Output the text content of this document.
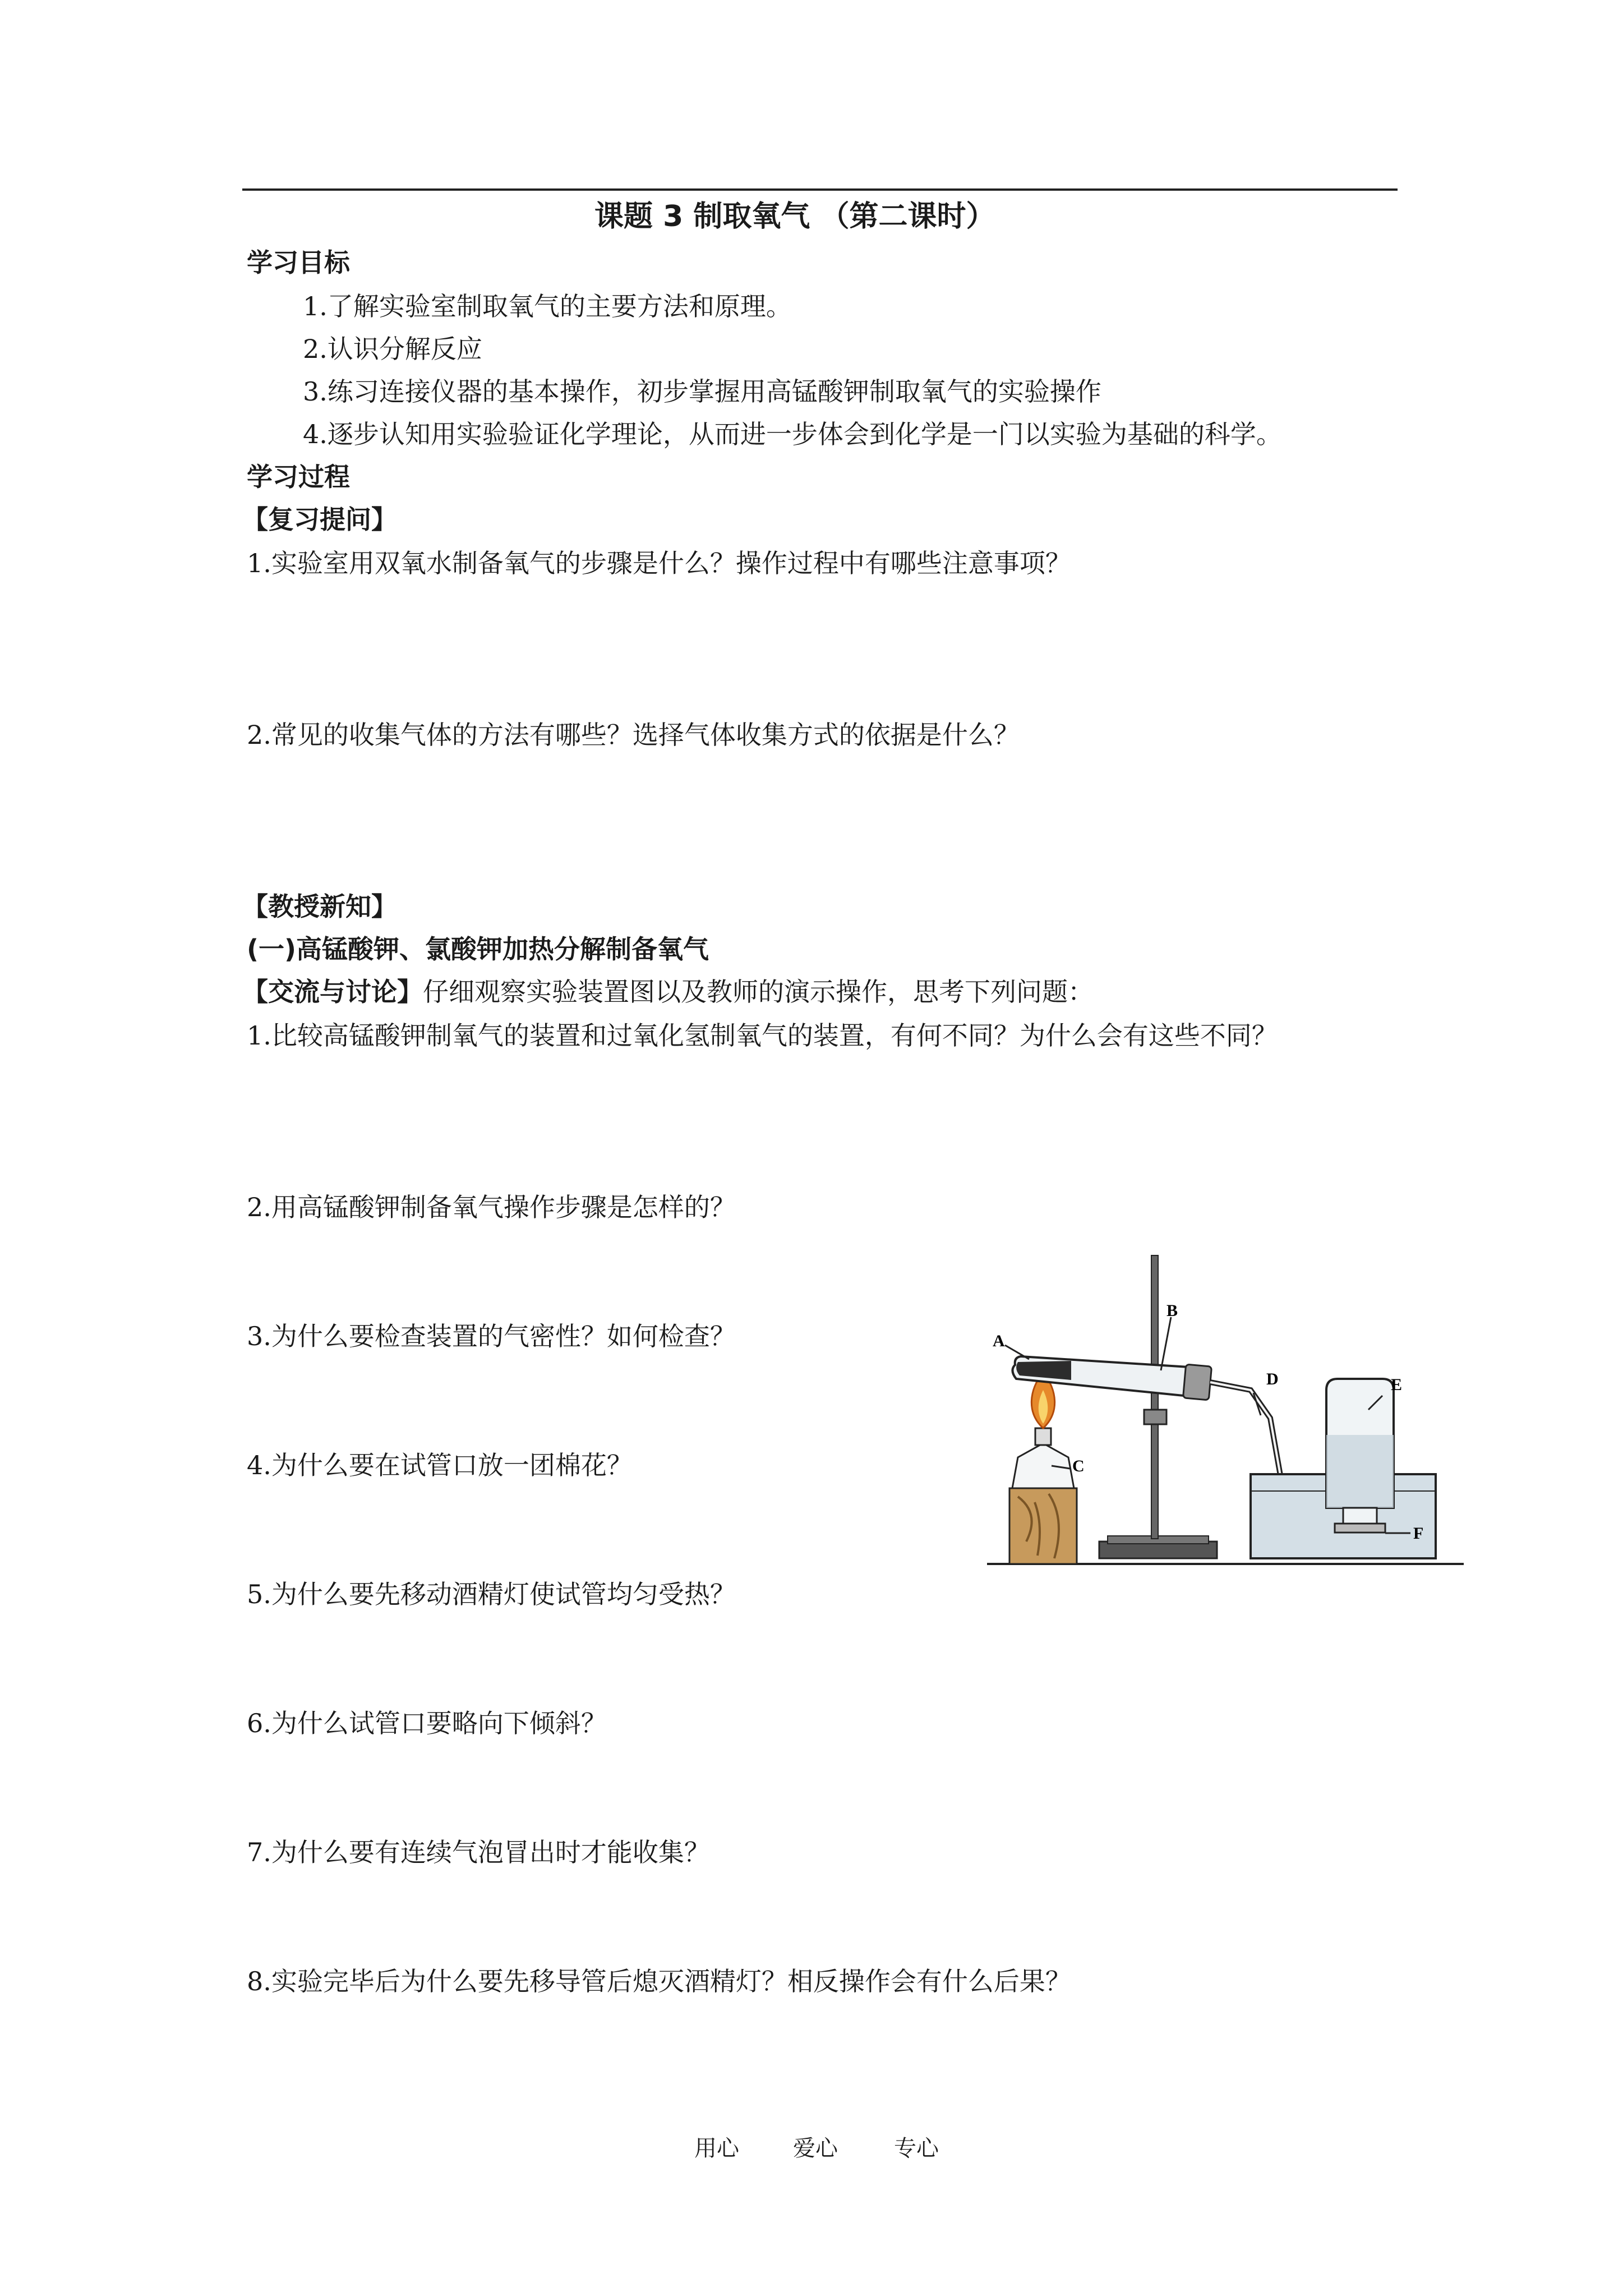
课题 3 制取氧气 （第二课时）
学习目标
1.了解实验室制取氧气的主要方法和原理。
2.认识分解反应
3.练习连接仪器的基本操作，初步掌握用高锰酸钾制取氧气的实验操作
4.逐步认知用实验验证化学理论，从而进一步体会到化学是一门以实验为基础的科学。
学习过程
【复习提问】
1.实验室用双氧水制备氧气的步骤是什么？操作过程中有哪些注意事项？
2.常见的收集气体的方法有哪些？选择气体收集方式的依据是什么？
【教授新知】
(一)高锰酸钾、氯酸钾加热分解制备氧气
【交流与讨论】仔细观察实验装置图以及教师的演示操作，思考下列问题：
1.比较高锰酸钾制氧气的装置和过氧化氢制氧气的装置，有何不同？为什么会有这些不同？
2.用高锰酸钾制备氧气操作步骤是怎样的？
3.为什么要检查装置的气密性？如何检查？
4.为什么要在试管口放一团棉花？
5.为什么要先移动酒精灯使试管均匀受热？
6.为什么试管口要略向下倾斜？
7.为什么要有连续气泡冒出时才能收集？
8.实验完毕后为什么要先移导管后熄灭酒精灯？相反操作会有什么后果？
A
B
C
D	E
F
用心 爱心	专心
